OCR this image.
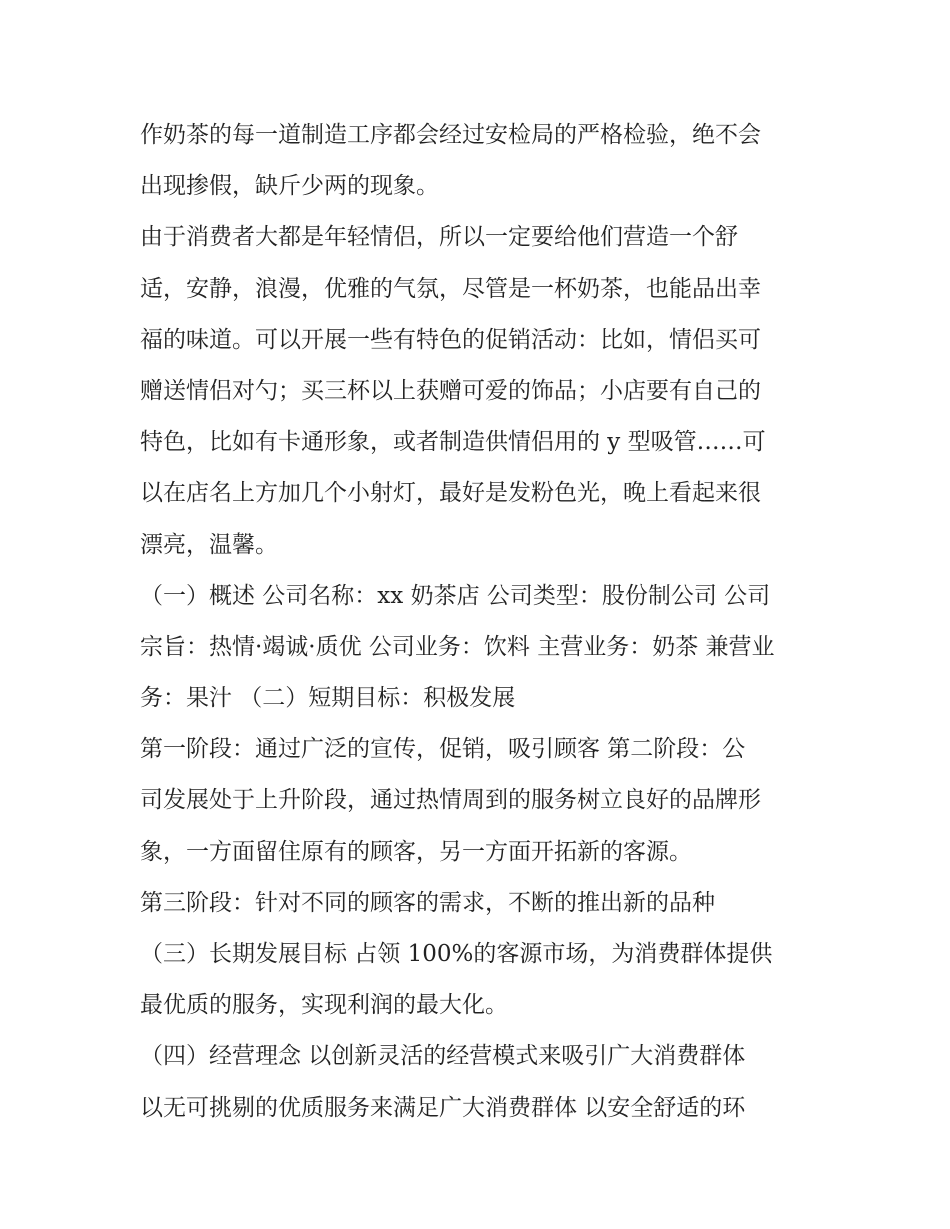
作奶茶的每一道制造工序都会经过安检局的严格检验，绝不会
出现掺假，缺斤少两的现象。
由于消费者大都是年轻情侣，所以一定要给他们营造一个舒
适，安静，浪漫，优雅的气氛，尽管是一杯奶茶，也能品出幸
福的味道。可以开展一些有特色的促销活动：比如，情侣买可
赠送情侣对勺；买三杯以上获赠可爱的饰品；小店要有自己的
特色，比如有卡通形象，或者制造供情侣用的 y 型吸管……可
以在店名上方加几个小射灯，最好是发粉色光，晚上看起来很
漂亮，温馨。
（一）概述 公司名称：xx 奶茶店 公司类型：股份制公司 公司
宗旨：热情·竭诚·质优 公司业务：饮料 主营业务：奶茶 兼营业
务：果汁 （二）短期目标：积极发展
第一阶段：通过广泛的宣传，促销，吸引顾客 第二阶段：公
司发展处于上升阶段，通过热情周到的服务树立良好的品牌形
象，一方面留住原有的顾客，另一方面开拓新的客源。
第三阶段：针对不同的顾客的需求，不断的推出新的品种
（三）长期发展目标 占领 100%的客源市场，为消费群体提供
最优质的服务，实现利润的最大化。
（四）经营理念 以创新灵活的经营模式来吸引广大消费群体
以无可挑剔的优质服务来满足广大消费群体 以安全舒适的环
